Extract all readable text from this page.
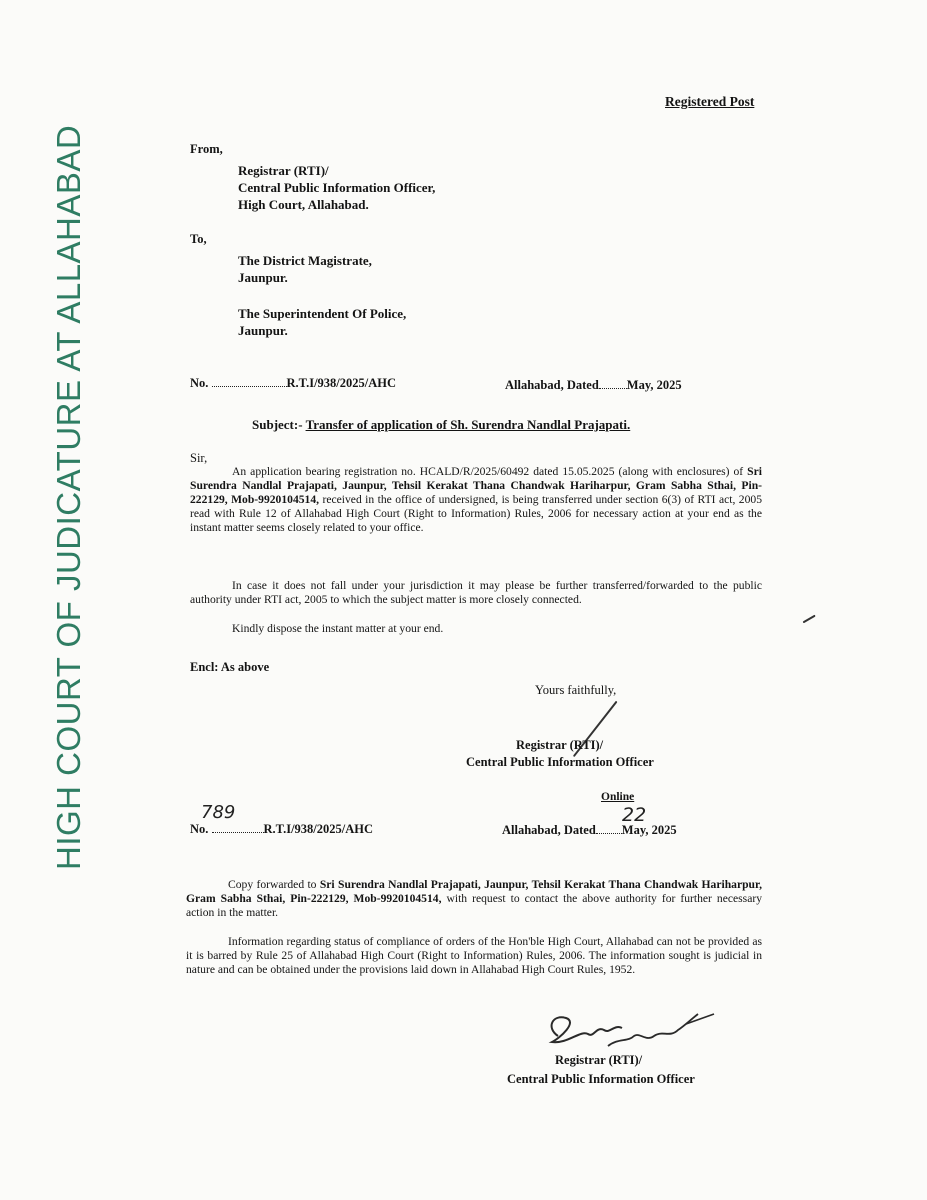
HIGH COURT OF JUDICATURE AT ALLAHABAD
Registered Post
From,
Registrar (RTI)/
Central Public Information Officer,
High Court, Allahabad.
To,
The District Magistrate,
Jaunpur.
The Superintendent Of Police,
Jaunpur.
No.	R.T.I/938/2025/AHC	Allahabad, Dated May, 2025
Subject:- Transfer of application of Sh. Surendra Nandlal Prajapati.
Sir,
An application bearing registration no. HCALD/R/2025/60492 dated 15.05.2025 (along with enclosures) of Sri Surendra Nandlal Prajapati, Jaunpur, Tehsil Kerakat Thana Chandwak Hariharpur, Gram Sabha Sthai, Pin-222129, Mob-9920104514, received in the office of undersigned, is being transferred under section 6(3) of RTI act, 2005 read with Rule 12 of Allahabad High Court (Right to Information) Rules, 2006 for necessary action at your end as the instant matter seems closely related to your office.
In case it does not fall under your jurisdiction it may please be further transferred/forwarded to the public authority under RTI act, 2005 to which the subject matter is more closely connected.
Kindly dispose the instant matter at your end.
Encl: As above
Yours faithfully,
Registrar (RTI)/
Central Public Information Officer
789
No.	R.T.I/938/2025/AHC
Online
22
Allahabad, Dated May, 2025
Copy forwarded to Sri Surendra Nandlal Prajapati, Jaunpur, Tehsil Kerakat Thana Chandwak Hariharpur, Gram Sabha Sthai, Pin-222129, Mob-9920104514, with request to contact the above authority for further necessary action in the matter.
Information regarding status of compliance of orders of the Hon'ble High Court, Allahabad can not be provided as it is barred by Rule 25 of Allahabad High Court (Right to Information) Rules, 2006. The information sought is judicial in nature and can be obtained under the provisions laid down in Allahabad High Court Rules, 1952.
Registrar (RTI)/
Central Public Information Officer
